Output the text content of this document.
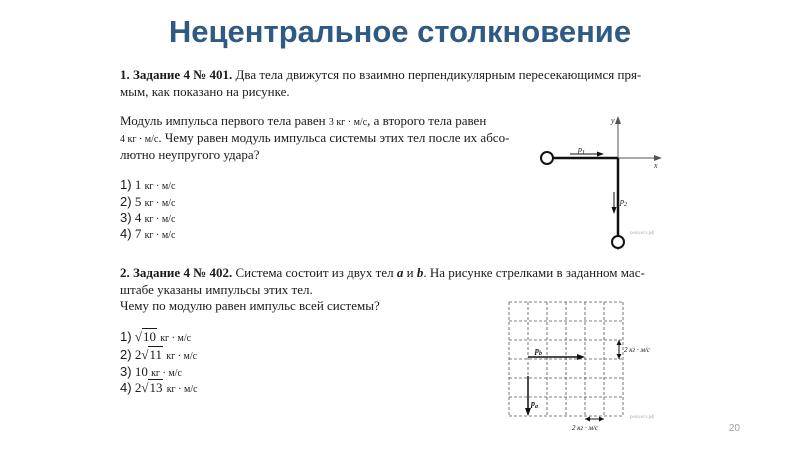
Нецентральное столкновение
1. Задание 4 № 401. Два тела движутся по взаимно перпендикулярным пересекающимся пря-
мым, как показано на рисунке.
Модуль импульса первого тела равен 3 кг · м/с, а второго тела равен
4 кг · м/с. Чему равен модуль импульса системы этих тел после их абсо-
лютно неупругого удара?
1) 1 кг · м/с
2) 5 кг · м/с
3) 4 кг · м/с
4) 7 кг · м/с
y
x
$p_1$
$p_2$
решуегэ.рф
2. Задание 4 № 402. Система состоит из двух тел a и b. На рисунке стрелками в заданном мас-
штабе указаны импульсы этих тел.
Чему по модулю равен импульс всей системы?
1) √10 кг · м/с
2) 2√11 кг · м/с
3) 10 кг · м/с
4) 2√13 кг · м/с
$p_b$
$p_a$
2 кг · м/с
2 кг · м/с
решуегэ.рф
20
